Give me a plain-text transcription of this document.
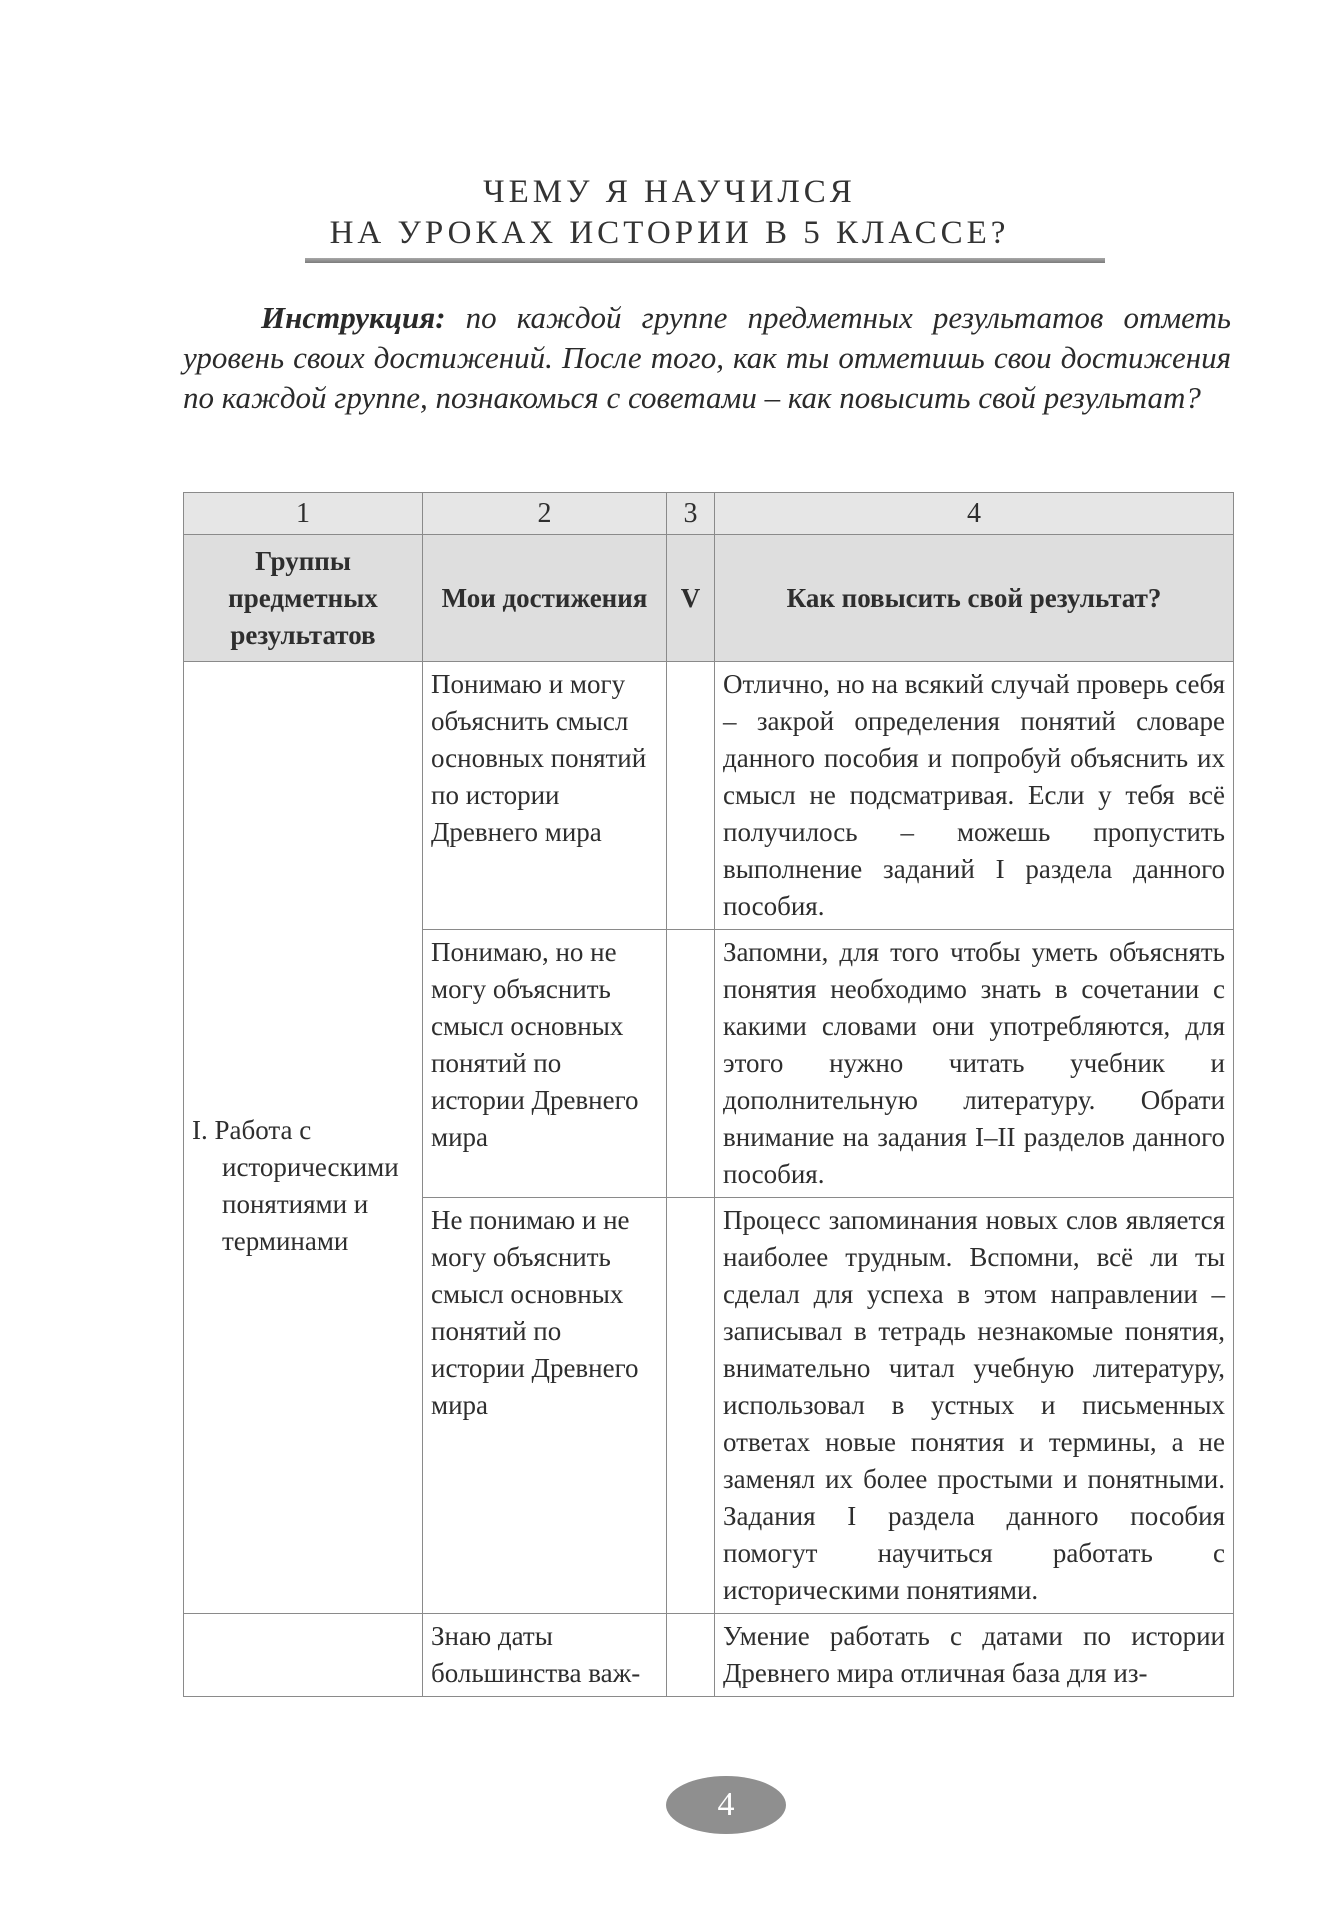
ЧЕМУ Я НАУЧИЛСЯ
НА УРОКАХ ИСТОРИИ В 5 КЛАССЕ?
Инструкция: по каждой группе предметных результатов отметь уровень своих достижений. После того, как ты отметишь свои достижения по каждой группе, познакомься с советами – как повысить свой результат?
1	2	3	4
Группы предметных результатов	Мои достижения	V	Как повысить свой результат?

I. Работа с историческими понятиями и терминами	Понимаю и могу объяснить смысл основных понятий по истории Древнего мира		Отлично, но на всякий случай проверь себя – закрой определения понятий словаре данного пособия и попробуй объяснить их смысл не подсматривая. Если у тебя всё получилось – можешь пропустить выполнение заданий I раздела данного пособия.
	Понимаю, но не могу объяснить смысл основных понятий по истории Древнего мира		Запомни, для того чтобы уметь объяснять понятия необходимо знать в сочетании с какими словами они употребляются, для этого нужно читать учебник и дополнительную литературу. Обрати внимание на задания I–II разделов данного пособия.
	Не понимаю и не могу объяснить смысл основных понятий по истории Древнего мира		Процесс запоминания новых слов является наиболее трудным. Вспомни, всё ли ты сделал для успеха в этом направлении – записывал в тетрадь незнакомые понятия, внимательно читал учебную литературу, использовал в устных и письменных ответах новые понятия и термины, а не заменял их более простыми и понятными. Задания I раздела данного пособия помогут научиться работать с историческими понятиями.
	Знаю даты большинства важ-		Умение работать с датами по истории Древнего мира отличная база для из-
4
